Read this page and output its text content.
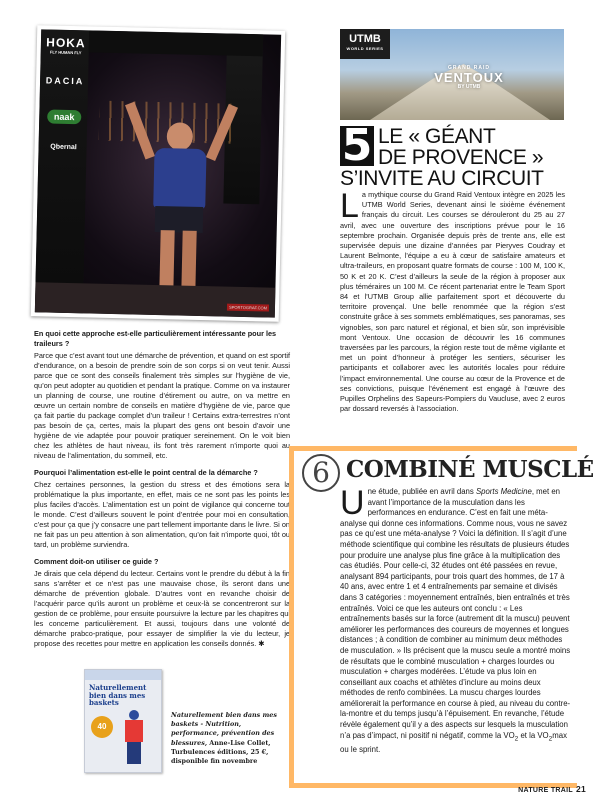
HOKA
FLY HUMAN FLY
DACIA
naak
Qbernal
SPORTOGRAF.COM
En quoi cette approche est-elle particulièrement intéressante pour les traileurs ?
Parce que c’est avant tout une démarche de prévention, et quand on est sportif d’endurance, on a besoin de prendre soin de son corps si on veut tenir. Aussi parce que ce sont des conseils finalement très simples sur l’hygiène de vie, qu’on peut adopter au quotidien et pendant la pratique. Comme on va instaurer un planning de course, une routine d’étirement ou autre, on va mettre en œuvre un certain nombre de conseils en matière d’hygiène de vie, parce que ça fait partie du package complet d’un traileur ! Certains extra-terrestres n’ont pas besoin de ça, certes, mais la plupart des gens ont besoin d’avoir une hygiène de vie adaptée pour pouvoir pratiquer sereinement. On le voit bien chez les athlètes de haut niveau, ils font très rarement n’importe quoi au niveau de l’alimentation, du sommeil, etc.
Pourquoi l’alimentation est-elle le point central de la démarche ?
Chez certaines personnes, la gestion du stress et des émotions sera la problématique la plus importante, en effet, mais ce ne sont pas les points les plus faciles d’accès. L’alimentation est un point de vigilance qui concerne tout le monde. C’est d’ailleurs souvent le point d’entrée pour moi en consultation, c’est pour ça que j’y consacre une part tellement importante dans le livre. Si on ne fait pas un peu attention à son alimentation, qu’on fait n’importe quoi, tôt ou tard, un problème surviendra.
Comment doit-on utiliser ce guide ?
Je dirais que cela dépend du lecteur. Certains vont le prendre du début à la fin sans s’arrêter et ce n’est pas une mauvaise chose, ils seront dans une démarche de prévention globale. D’autres vont en revanche choisir de l’acquérir parce qu’ils auront un problème et ceux-là se concentreront sur la gestion de ce problème, pour ensuite poursuivre la lecture par les chapitres qui les concerne particulièrement. Et aussi, toujours dans une volonté de démarche prabco-pratique, pour essayer de simplifier la vie du lecteur, je propose des recettes pour mettre en application les conseils donnés. ✱
Naturellement bien dans mes baskets
40
Naturellement bien dans mes baskets - Nutrition, performance, prévention des blessures, Anne-Lise Collet, Turbulences éditions, 25 €, disponible fin novembre
UTMB
WORLD SERIES
GRAND RAID
VENTOUX
BY UTMB
5 LE « GÉANT
DE PROVENCE »
S’INVITE AU CIRCUIT
La mythique course du Grand Raid Ventoux intègre en 2025 les UTMB World Series, devenant ainsi le sixième événement français du circuit. Les courses se dérouleront du 25 au 27 avril, avec une ouverture des inscriptions prévue pour le 16 septembre prochain. Organisée depuis près de trente ans, elle est supervisée depuis une dizaine d’années par Pieryves Coudray et Laurent Belmonte, l’équipe a eu à cœur de satisfaire amateurs et ultra-traileurs, en proposant quatre formats de course : 100 M, 100 K, 50 K et 20 K. C’est d’ailleurs la seule de la région à proposer aux plus téméraires un 100 M. Ce récent partenariat entre le Team Sport 84 et l’UTMB Group allie parfaitement sport et découverte du territoire provençal. Une belle renommée que la région s’est construite grâce à ses sommets emblématiques, ses panoramas, ses vignobles, son parc naturel et régional, et bien sûr, son imprévisible mont Ventoux. Une occasion de découvrir les 16 communes traversées par les parcours, la région reste tout de même vigilante et met un point d’honneur à protéger les sentiers, sécuriser les participants et collaborer avec les autorités locales pour réduire l’impact environnemental. Une course au cœur de la Provence et de ses convictions, puisque l’événement est engagé à l’œuvre des Pupilles Orphelins des Sapeurs-Pompiers du Vaucluse, avec 2 euros par dossard reversés à l’association.
6 COMBINÉ MUSCLÉ
Une étude, publiée en avril dans Sports Medicine, met en avant l’importance de la musculation dans les performances en endurance. C’est en fait une méta-analyse qui donne ces informations. Comme nous, vous ne savez pas ce qu’est une méta-analyse ? Voici la définition. Il s’agit d’une méthode scientifique qui combine les résultats de plusieurs études pour produire une analyse plus fine grâce à la multiplication des cas étudiés. Pour celle-ci, 32 études ont été passées en revue, analysant 894 participants, pour trois quart des hommes, de 17 à 40 ans, avec entre 1 et 4 entraînements par semaine et divisés dans 3 catégories : moyennement entraînés, bien entraînés et très entraînés. Voici ce que les auteurs ont conclu : « Les entraînements basés sur la force (autrement dit la muscu) peuvent améliorer les performances des coureurs de moyennes et longues distances ; à condition de combiner au minimum deux méthodes de musculation. » Ils précisent que la muscu seule a montré moins de résultats que le combiné musculation + charges lourdes ou musculation + charges modérées. L’étude va plus loin en conseillant aux coachs et athlètes d’inclure au moins deux méthodes de renfo combinées. La muscu charges lourdes améliorerait la performance en course à pied, au niveau du contre-la-montre et du temps jusqu’à l’épuisement. En revanche, l’étude révèle également qu’il y a des aspects sur lesquels la musculation n’a pas d’impact, ni positif ni négatif, comme la $VO_2$ et la $VO_2\max$ ou le sprint.
NATURE TRAIL 21
